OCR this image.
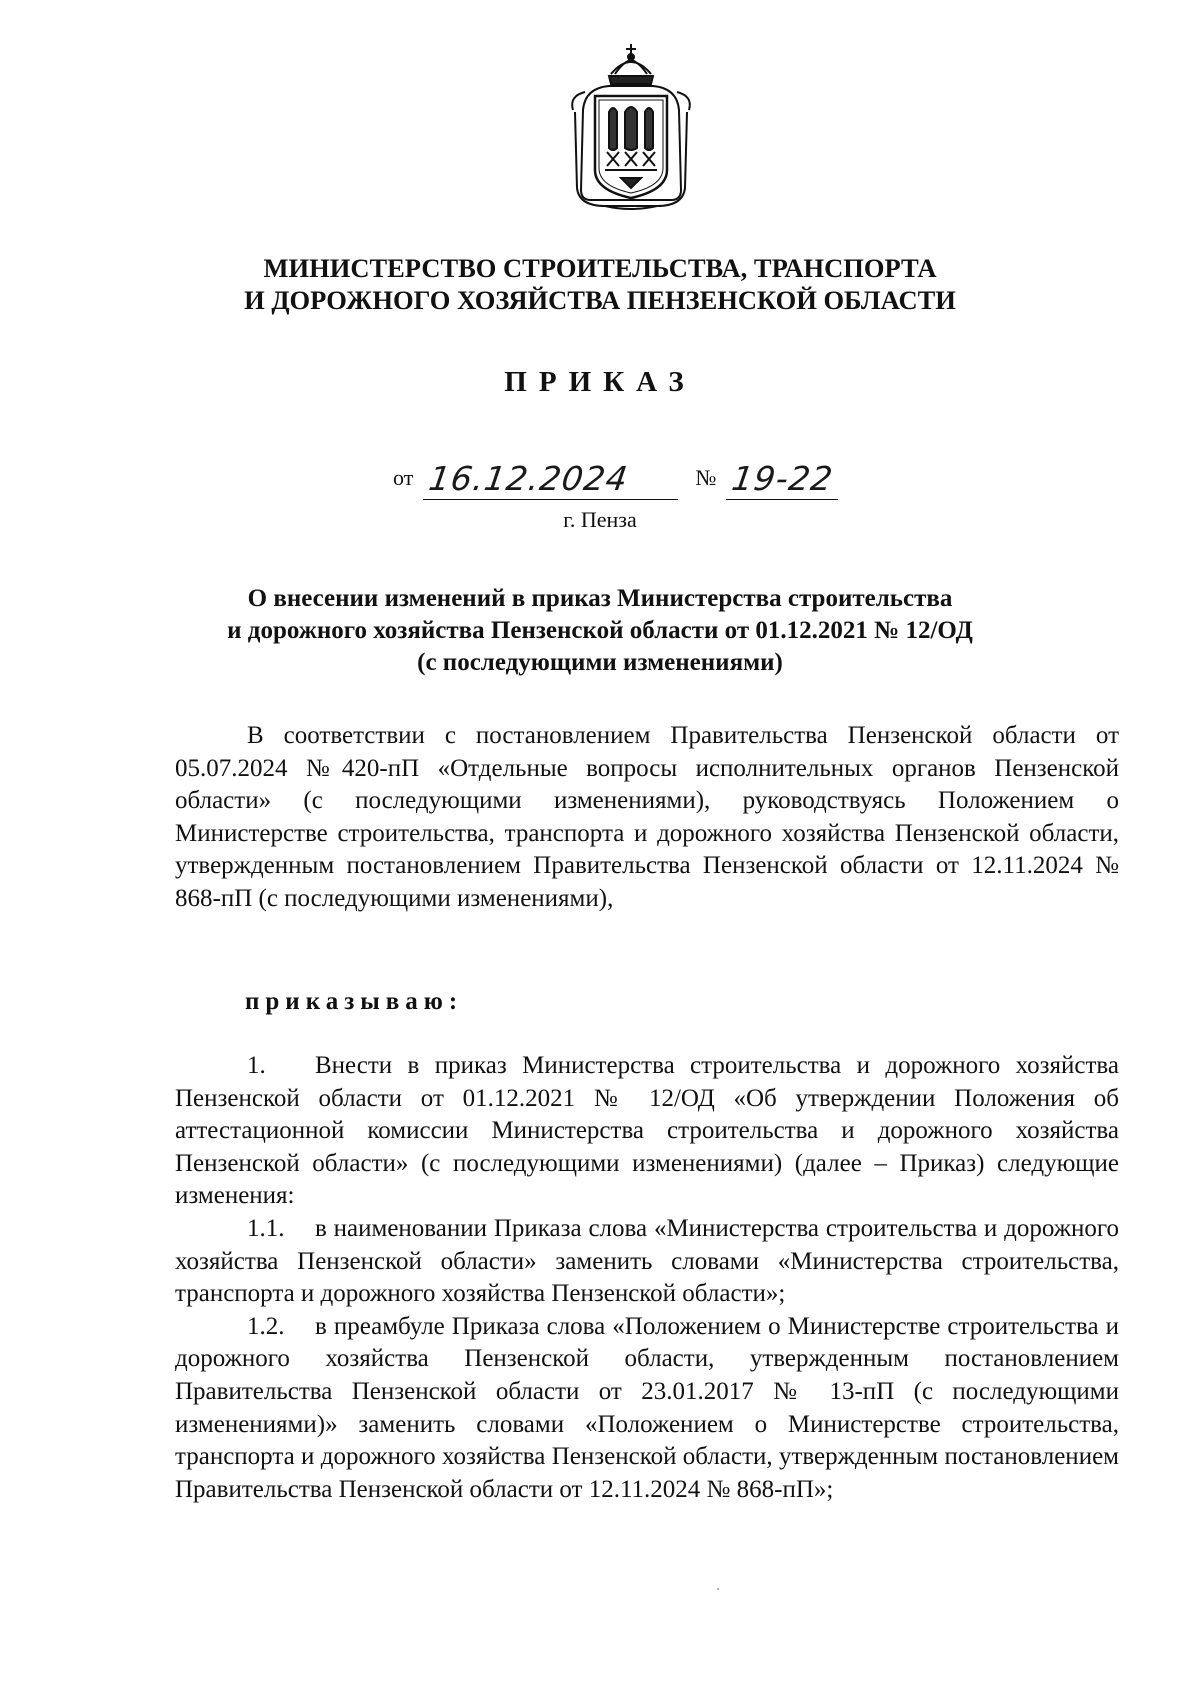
МИНИСТЕРСТВО СТРОИТЕЛЬСТВА, ТРАНСПОРТА
И ДОРОЖНОГО ХОЗЯЙСТВА ПЕНЗЕНСКОЙ ОБЛАСТИ
ПРИКАЗ
от 16.12.2024	№ 19-22
г. Пенза
О внесении изменений в приказ Министерства строительства
и дорожного хозяйства Пензенской области от 01.12.2021 № 12/ОД
(с последующими изменениями)

В соответствии с постановлением Правительства Пензенской области от 05.07.2024 №420-пП «Отдельные вопросы исполнительных органов Пензенской области» (с последующими изменениями), руководствуясь Положением о Министерстве строительства, транспорта и дорожного хозяйства Пензенской области, утвержденным постановлением Правительства Пензенской области от 12.11.2024 № 868-пП (с последующими изменениями),

приказываю:

1. Внести в приказ Министерства строительства и дорожного хозяйства Пензенской области от 01.12.2021 № 12/ОД «Об утверждении Положения об аттестационной комиссии Министерства строительства и дорожного хозяйства Пензенской области» (с последующими изменениями) (далее – Приказ) следующие изменения:

1.1. в наименовании Приказа слова «Министерства строительства и дорожного хозяйства Пензенской области» заменить словами «Министерства строительства, транспорта и дорожного хозяйства Пензенской области»;

1.2. в преамбуле Приказа слова «Положением о Министерстве строительства и дорожного хозяйства Пензенской области, утвержденным постановлением Правительства Пензенской области от 23.01.2017 № 13-пП (с последующими изменениями)» заменить словами «Положением о Министерстве строительства, транспорта и дорожного хозяйства Пензенской области, утвержденным постановлением Правительства Пензенской области от 12.11.2024 № 868-пП»;
